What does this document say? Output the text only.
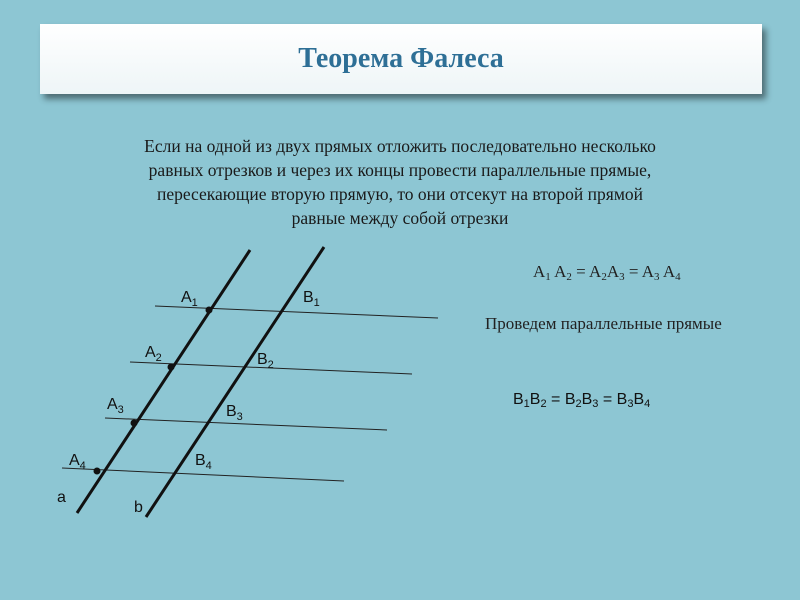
Теорема Фалеса
Если на одной из двух прямых отложить последовательно несколько
равных отрезков и через их концы провести параллельные прямые,
пересекающие вторую прямую, то они отсекут на второй прямой
равные между собой отрезки
$A_1$ $A_2 = A_2A_3 = A_3$ $A_4$
Проведем параллельные прямые
$B_1B_2 = B_2B_3 = B_3B_4$
$A_1$
$A_2$
$A_3$
$A_4$
$B_1$
$B_2$
$B_3$
$B_4$
a
b
